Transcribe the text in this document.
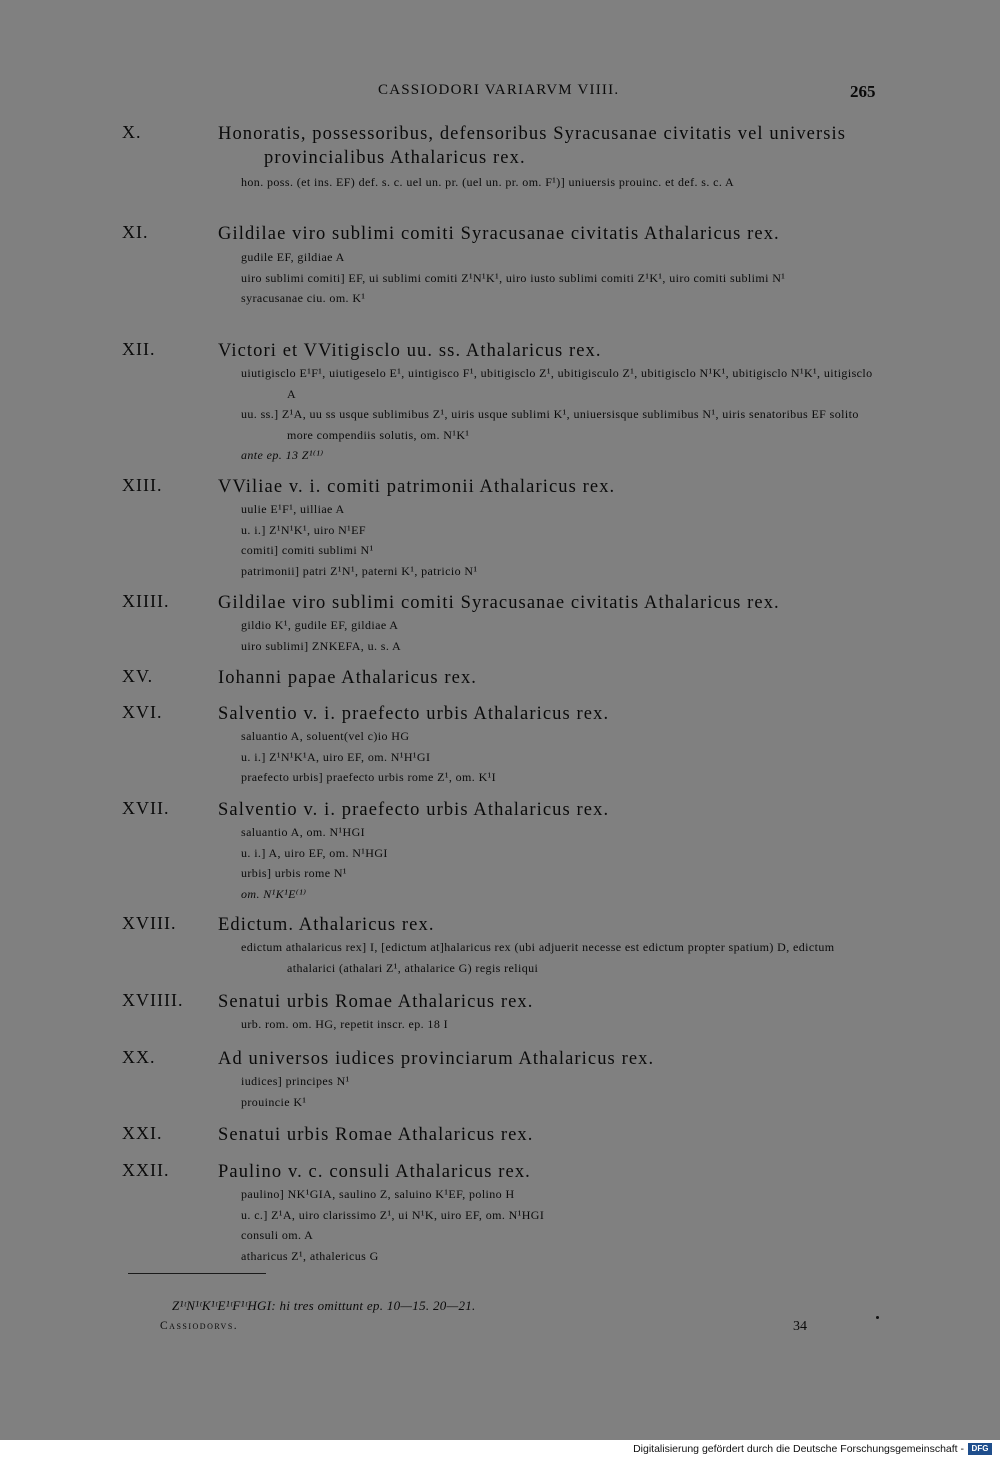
CASSIODORI VARIARVM VIIII.	265
X.	Honoratis, possessoribus, defensoribus Syracusanae civitatis vel universis
provincialibus Athalaricus rex.
hon. poss. (et ins. EF) def. s. c. uel un. pr. (uel un. pr. om. F¹)] uniuersis prouinc. et def. s. c. A
XI.	Gildilae viro sublimi comiti Syracusanae civitatis Athalaricus rex.
gudile EF, gildiae A
uiro sublimi comiti] EF, ui sublimi comiti Z¹N¹K¹, uiro iusto sublimi comiti Z¹K¹, uiro comiti sublimi N¹
syracusanae ciu. om. K¹
XII.	Victori et VVitigisclo uu. ss. Athalaricus rex.
uiutigisclo E¹F¹, uiutigeselo E¹, uintigisco F¹, ubitigisclo Z¹, ubitigisculo Z¹, ubitigisclo N¹K¹, ubitigisclo N¹K¹, uitigisclo A
uu. ss.] Z¹A, uu ss usque sublimibus Z¹, uiris usque sublimi K¹, uniuersisque sublimibus N¹, uiris senatoribus EF solito more compendiis solutis, om. N¹K¹
ante ep. 13 Z¹⁽¹⁾
XIII.	VViliae v. i. comiti patrimonii Athalaricus rex.
uulie E¹F¹, uilliae A
u. i.] Z¹N¹K¹, uiro N¹EF
comiti] comiti sublimi N¹
patrimonii] patri Z¹N¹, paterni K¹, patricio N¹
XIIII.	Gildilae viro sublimi comiti Syracusanae civitatis Athalaricus rex.
gildio K¹, gudile EF, gildiae A
uiro sublimi] ZNKEFA, u. s. A
XV.	Iohanni papae Athalaricus rex.
XVI.	Salventio v. i. praefecto urbis Athalaricus rex.
saluantio A, soluent(vel c)io HG
u. i.] Z¹N¹K¹A, uiro EF, om. N¹H¹GI
praefecto urbis] praefecto urbis rome Z¹, om. K¹I
XVII.	Salventio v. i. praefecto urbis Athalaricus rex.
saluantio A, om. N¹HGI
u. i.] A, uiro EF, om. N¹HGI
urbis] urbis rome N¹
om. N¹K¹E⁽¹⁾
XVIII. Edictum. Athalaricus rex.
edictum athalaricus rex] I, [edictum at]halaricus rex (ubi adjuerit necesse est edictum propter spatium) D, edictum athalarici (athalari Z¹, athalarice G) regis reliqui
XVIIII. Senatui urbis Romae Athalaricus rex.
urb. rom. om. HG, repetit inscr. ep. 18 I
XX.	Ad universos iudices provinciarum Athalaricus rex.
iudices] principes N¹
prouincie K¹
XXI.	Senatui urbis Romae Athalaricus rex.
XXII.	Paulino v. c. consuli Athalaricus rex.
paulino] NK¹GIA, saulino Z, saluino K¹EF, polino H
u. c.] Z¹A, uiro clarissimo Z¹, ui N¹K, uiro EF, om. N¹HGI
consuli om. A
atharicus Z¹, athalericus G
Z¹ᵗN¹ᵗK¹ᵗE¹ᵗF¹ᵗHGI: hi tres omittunt ep. 10—15. 20—21.
Cassiodorvs.	34
Digitalisierung gefördert durch die Deutsche Forschungsgemeinschaft - DFG
